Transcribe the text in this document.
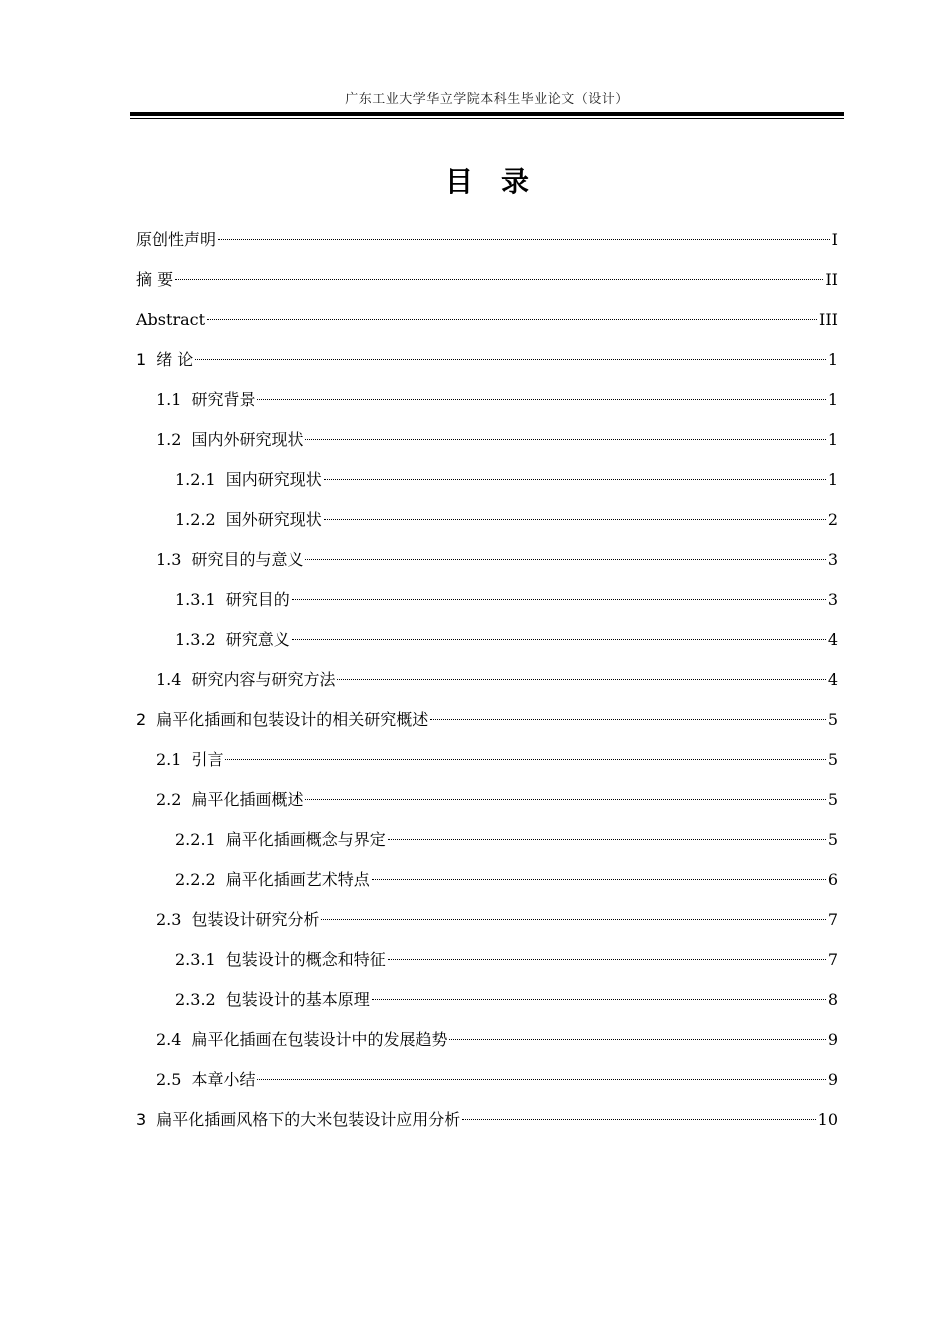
广东工业大学华立学院本科生毕业论文（设计）
目录
原创性声明	I
摘 要	II
Abstract	III
1 绪 论	1
1.1 研究背景	1
1.2 国内外研究现状	1
1.2.1 国内研究现状	1
1.2.2 国外研究现状	2
1.3 研究目的与意义	3
1.3.1 研究目的	3
1.3.2 研究意义	4
1.4 研究内容与研究方法	4
2 扁平化插画和包装设计的相关研究概述	5
2.1 引言	5
2.2 扁平化插画概述	5
2.2.1 扁平化插画概念与界定	5
2.2.2 扁平化插画艺术特点	6
2.3 包装设计研究分析	7
2.3.1 包装设计的概念和特征	7
2.3.2 包装设计的基本原理	8
2.4 扁平化插画在包装设计中的发展趋势	9
2.5 本章小结	9
3 扁平化插画风格下的大米包装设计应用分析	10
